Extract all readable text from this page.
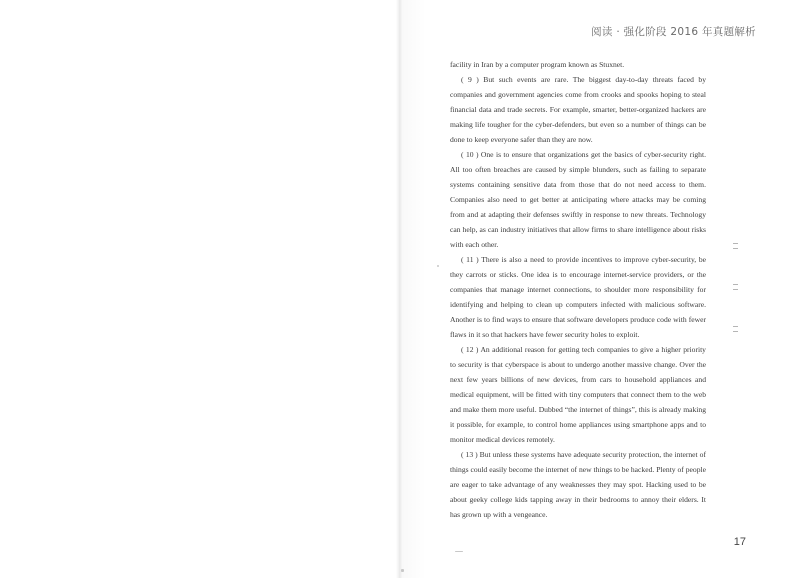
阅读 · 强化阶段 2016 年真题解析

facility in Iran by a computer program known as Stuxnet.

( 9 ) But such events are rare. The biggest day-to-day threats faced by companies and government agencies come from crooks and spooks hoping to steal financial data and trade secrets. For example, smarter, better-organized hackers are making life tougher for the cyber-defenders, but even so a number of things can be done to keep everyone safer than they are now.

( 10 ) One is to ensure that organizations get the basics of cyber-security right. All too often breaches are caused by simple blunders, such as failing to separate systems containing sensitive data from those that do not need access to them. Companies also need to get better at anticipating where attacks may be coming from and at adapting their defenses swiftly in response to new threats. Technology can help, as can industry initiatives that allow firms to share intelligence about risks with each other.

( 11 ) There is also a need to provide incentives to improve cyber-security, be they carrots or sticks. One idea is to encourage internet-service providers, or the companies that manage internet connections, to shoulder more responsibility for identifying and helping to clean up computers infected with malicious software. Another is to find ways to ensure that software developers produce code with fewer flaws in it so that hackers have fewer security holes to exploit.

( 12 ) An additional reason for getting tech companies to give a higher priority to security is that cyberspace is about to undergo another massive change. Over the next few years billions of new devices, from cars to household appliances and medical equipment, will be fitted with tiny computers that connect them to the web and make them more useful. Dubbed “the internet of things”, this is already making it possible, for example, to control home appliances using smartphone apps and to monitor medical devices remotely.

( 13 ) But unless these systems have adequate security protection, the internet of things could easily become the internet of new things to be hacked. Plenty of people are eager to take advantage of any weaknesses they may spot. Hacking used to be about geeky college kids tapping away in their bedrooms to annoy their elders. It has grown up with a vengeance.

17
